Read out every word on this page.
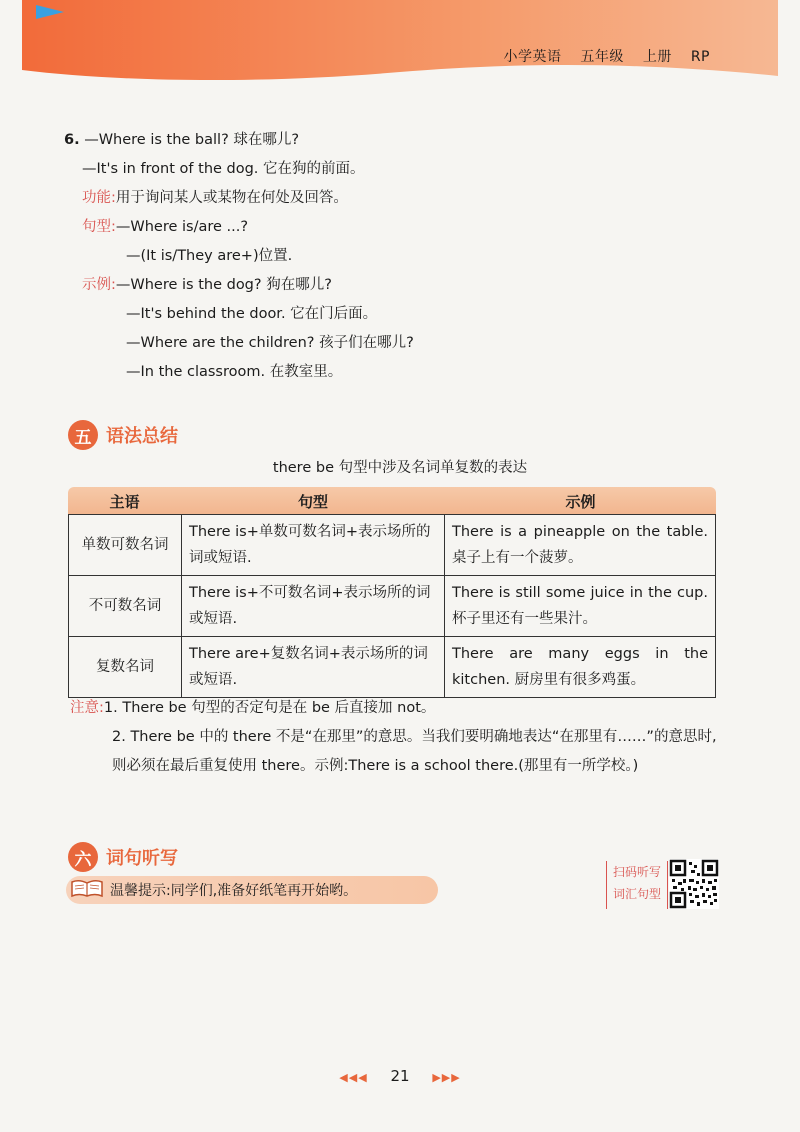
小学英语 五年级 上册 RP
6. —Where is the ball? 球在哪儿?
—It's in front of the dog. 它在狗的前面。
功能:用于询问某人或某物在何处及回答。
句型:—Where is/are ...?
—(It is/They are+)位置.
示例:—Where is the dog? 狗在哪儿?
—It's behind the door. 它在门后面。
—Where are the children? 孩子们在哪儿?
—In the classroom. 在教室里。
五 语法总结
there be 句型中涉及名词单复数的表达
主语	句型	示例
单数可数名词	There is+单数可数名词+表示场所的词或短语.	There is a pineapple on the table. 桌子上有一个菠萝。
不可数名词	There is+不可数名词+表示场所的词或短语.	There is still some juice in the cup. 杯子里还有一些果汁。
复数名词	There are+复数名词+表示场所的词或短语.	There are many eggs in the kitchen. 厨房里有很多鸡蛋。
注意:1. There be 句型的否定句是在 be 后直接加 not。
2. There be 中的 there 不是“在那里”的意思。当我们要明确地表达“在那里有……”的意思时,则必须在最后重复使用 there。示例:There is a school there.(那里有一所学校。)
六 词句听写
温馨提示:同学们,准备好纸笔再开始哟。
扫码听写
词汇句型
◀◀◀ 21 ▶▶▶
